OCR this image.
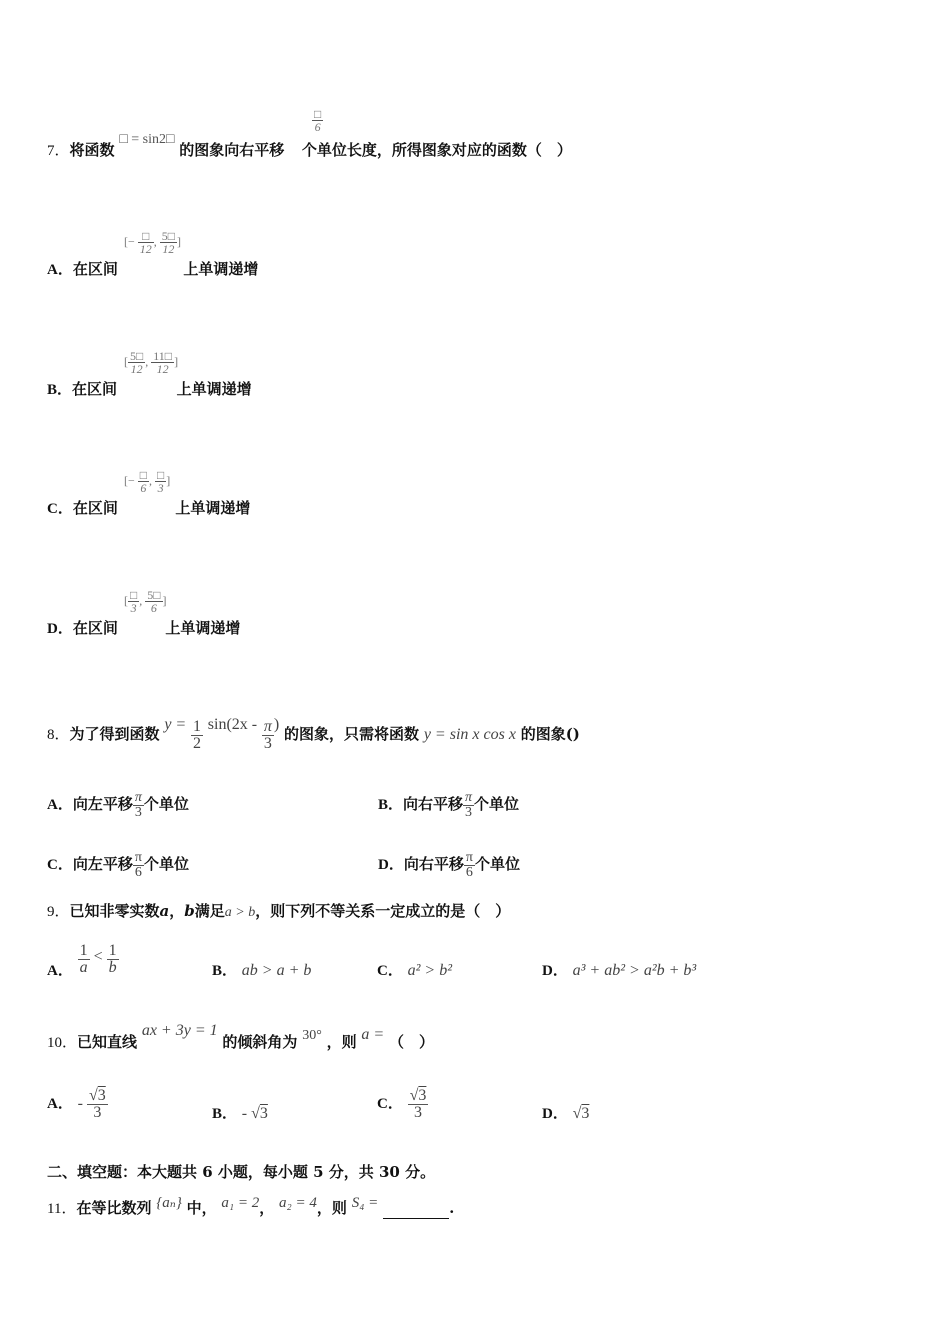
$\frac{□}{6}$
7．将函数 □ = sin2□ 的图象向右平移 个单位长度，所得图象对应的函数（　）
[− $\frac{□}{12}$ , $\frac{5□}{12}$ ]
A．在区间	上单调递增
[ $\frac{5□}{12}$ , $\frac{11□}{12}$ ]
B．在区间	上单调递增
[− $\frac{□}{6}$ , $\frac{□}{3}$ ]
C．在区间	上单调递增
[ $\frac{□}{3}$ , $\frac{5□}{6}$ ]
D．在区间	上单调递增
8．为了得到函数 $y = \frac{1}{2} \sin(2x - \frac{\pi}{3}$ ) 的图象，只需将函数 y = sin x cos x 的图象()
A．向左平移 $\frac{\pi}{3}$ 个单位	B．向右平移 $\frac{\pi}{3}$ 个单位
C．向左平移 $\frac{\pi}{6}$ 个单位	D．向右平移 $\frac{\pi}{6}$ 个单位
9．已知非零实数a，b满足a > b，则下列不等关系一定成立的是（　）
A． $\frac{1}{a} < \frac{1}{b}$	B． ab > a + b	C． a² > b²	D． a³ + ab² > a²b + b³
10．已知直线 ax + 3y = 1 的倾斜角为 30° ，则 a = （　）
A． - $\frac{√3}{3}$	B． - √3
C． $\frac{√3}{3}$	D． √3
二、填空题：本大题共 6 小题，每小题 5 分，共 30 分。
11．在等比数列 {aₙ} 中， a₁ = 2， a₂ = 4，则 S₄ =	.
